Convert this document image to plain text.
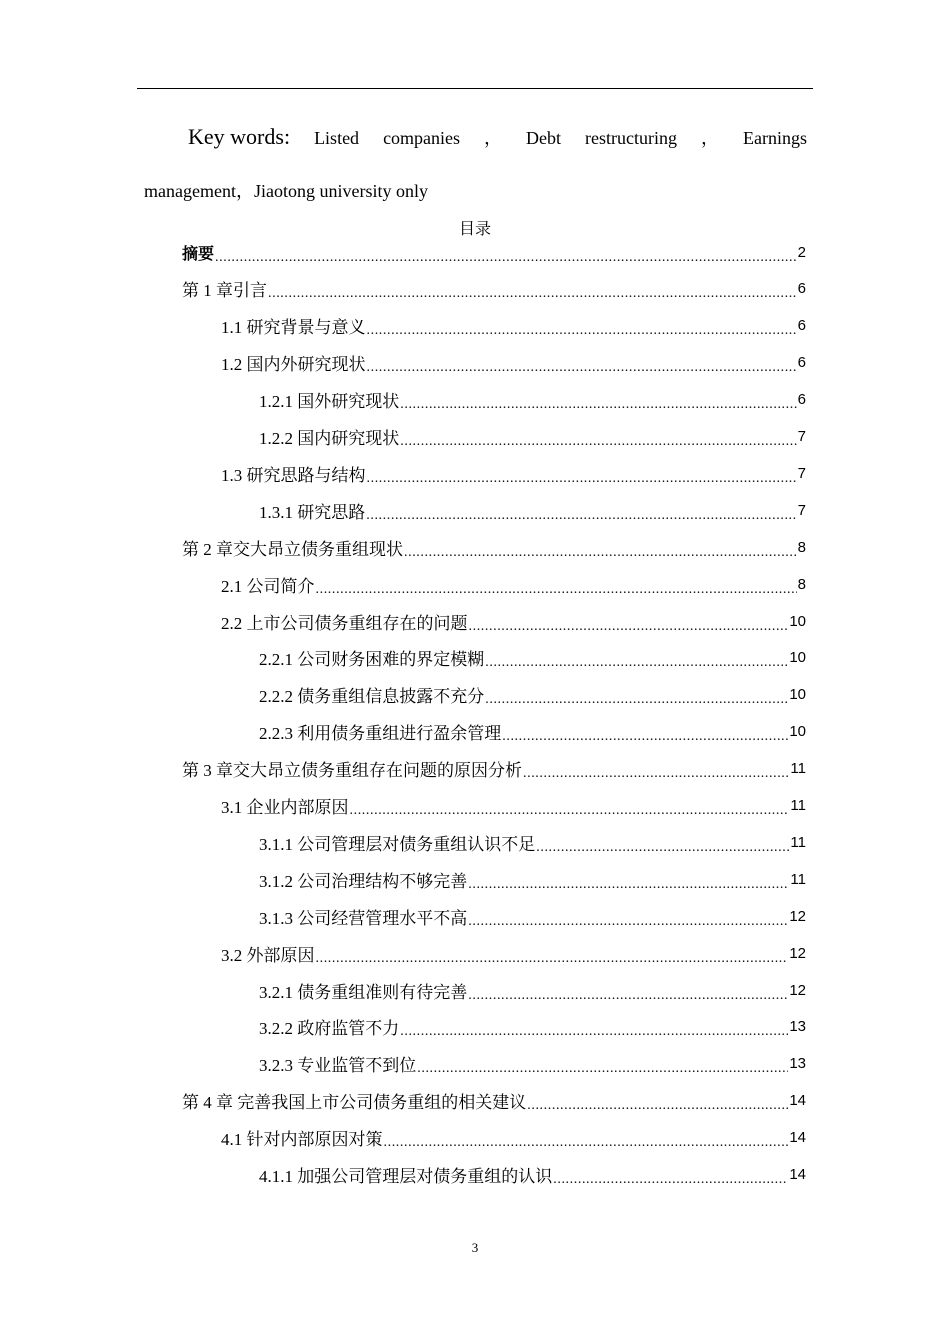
Key words: Listed companies ， Debt restructuring ， Earnings
management，Jiaotong university only
目录
摘要 .....	2
第 1 章引言 .....	6
1.1 研究背景与意义 .....	6
1.2 国内外研究现状 .....	6
1.2.1 国外研究现状 .....	6
1.2.2 国内研究现状 .....	7
1.3 研究思路与结构 .....	7
1.3.1 研究思路 .....	7
第 2 章交大昂立债务重组现状 .....	8
2.1 公司简介 .....	8
2.2 上市公司债务重组存在的问题 .....	10
2.2.1 公司财务困难的界定模糊 .....	10
2.2.2 债务重组信息披露不充分 .....	10
2.2.3 利用债务重组进行盈余管理 .....	10
第 3 章交大昂立债务重组存在问题的原因分析 .....	11
3.1 企业内部原因 .....	11
3.1.1 公司管理层对债务重组认识不足 .....	11
3.1.2 公司治理结构不够完善 .....	11
3.1.3 公司经营管理水平不高 .....	12
3.2 外部原因 .....	12
3.2.1 债务重组准则有待完善 .....	12
3.2.2 政府监管不力 .....	13
3.2.3 专业监管不到位 .....	13
第 4 章 完善我国上市公司债务重组的相关建议 .....	14
4.1 针对内部原因对策 .....	14
4.1.1 加强公司管理层对债务重组的认识 .....	14
3
